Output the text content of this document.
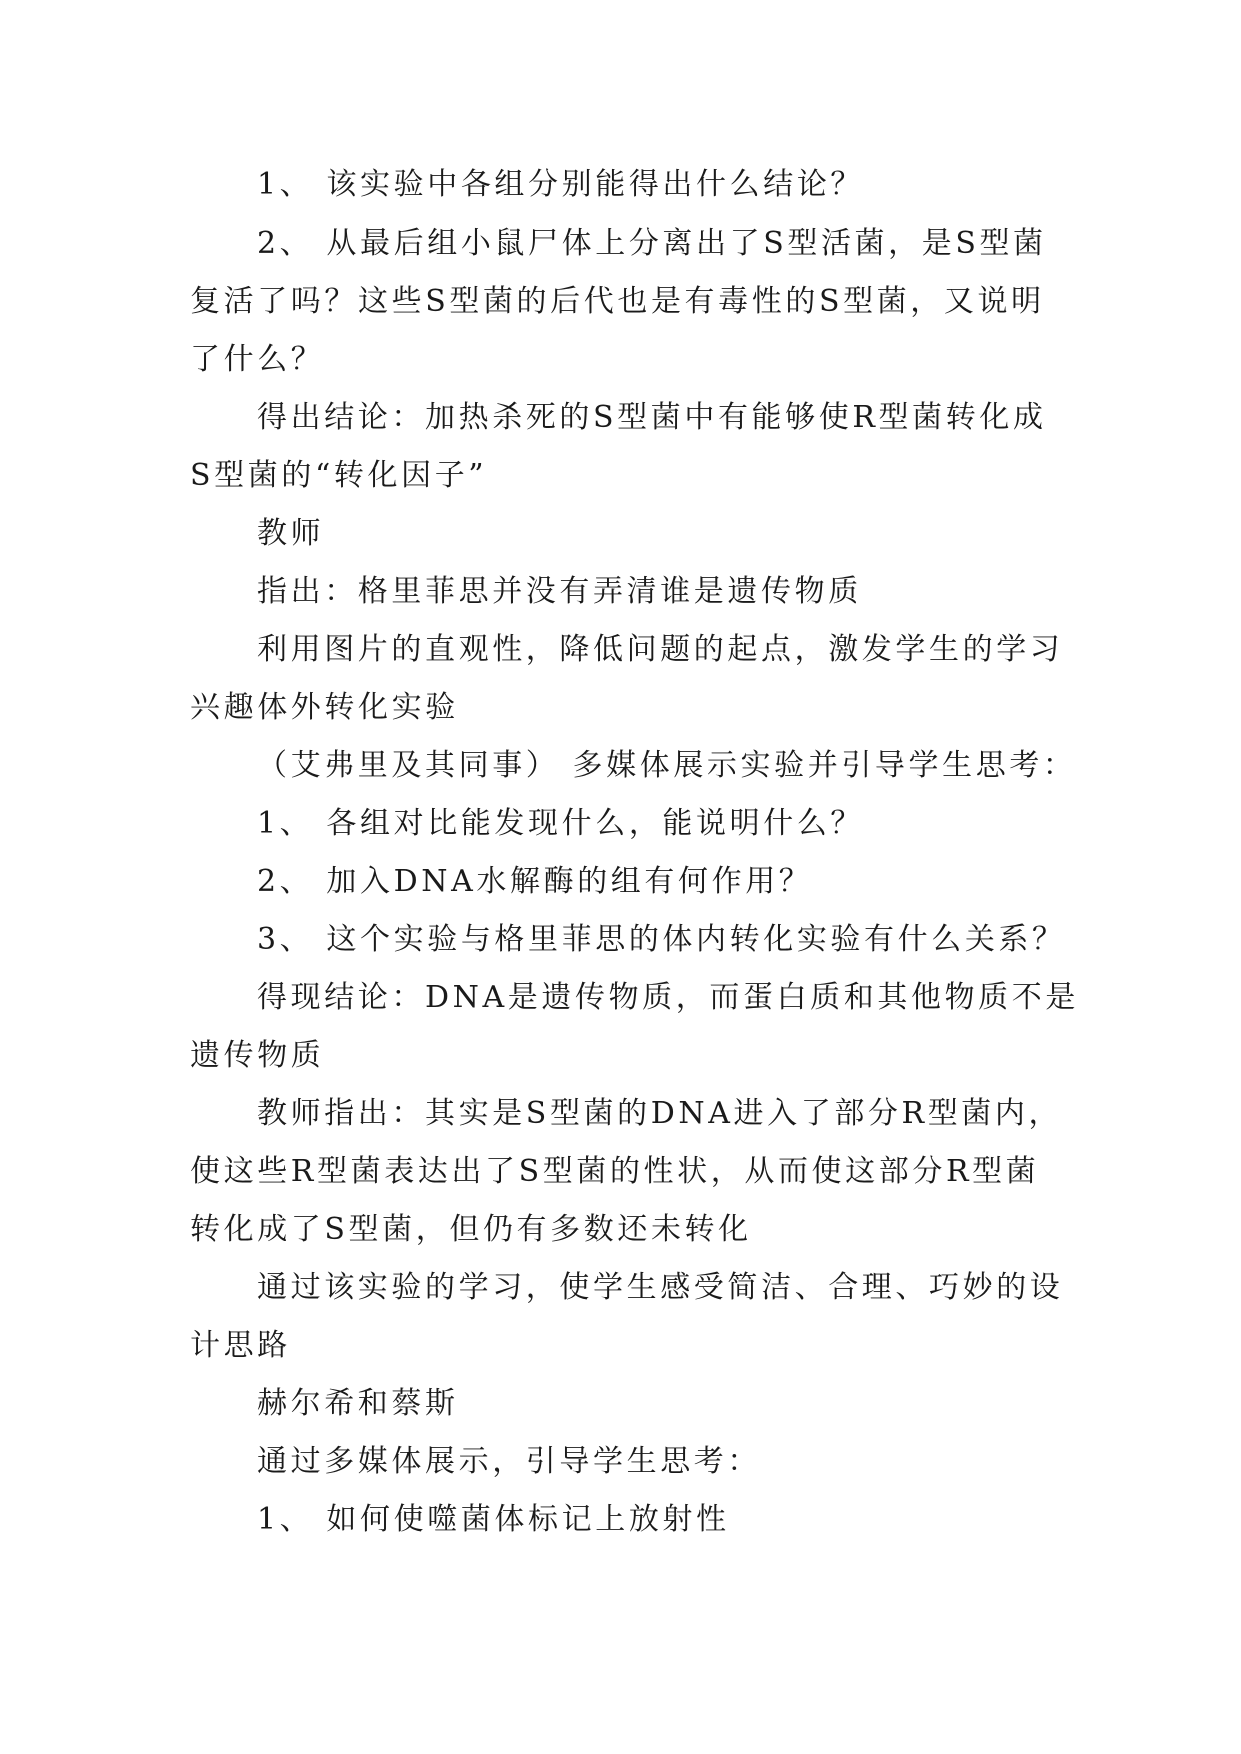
1、 该实验中各组分别能得出什么结论？
2、 从最后组小鼠尸体上分离出了S型活菌，是S型菌
复活了吗？这些S型菌的后代也是有毒性的S型菌，又说明
了什么？
得出结论：加热杀死的S型菌中有能够使R型菌转化成
S型菌的“转化因子”
教师
指出：格里菲思并没有弄清谁是遗传物质
利用图片的直观性，降低问题的起点，激发学生的学习
兴趣体外转化实验
（艾弗里及其同事） 多媒体展示实验并引导学生思考：
1、 各组对比能发现什么，能说明什么？
2、 加入DNA水解酶的组有何作用？
3、 这个实验与格里菲思的体内转化实验有什么关系？
得现结论：DNA是遗传物质，而蛋白质和其他物质不是
遗传物质
教师指出：其实是S型菌的DNA进入了部分R型菌内，
使这些R型菌表达出了S型菌的性状，从而使这部分R型菌
转化成了S型菌，但仍有多数还未转化
通过该实验的学习，使学生感受简洁、合理、巧妙的设
计思路
赫尔希和蔡斯
通过多媒体展示，引导学生思考：
1、 如何使噬菌体标记上放射性
